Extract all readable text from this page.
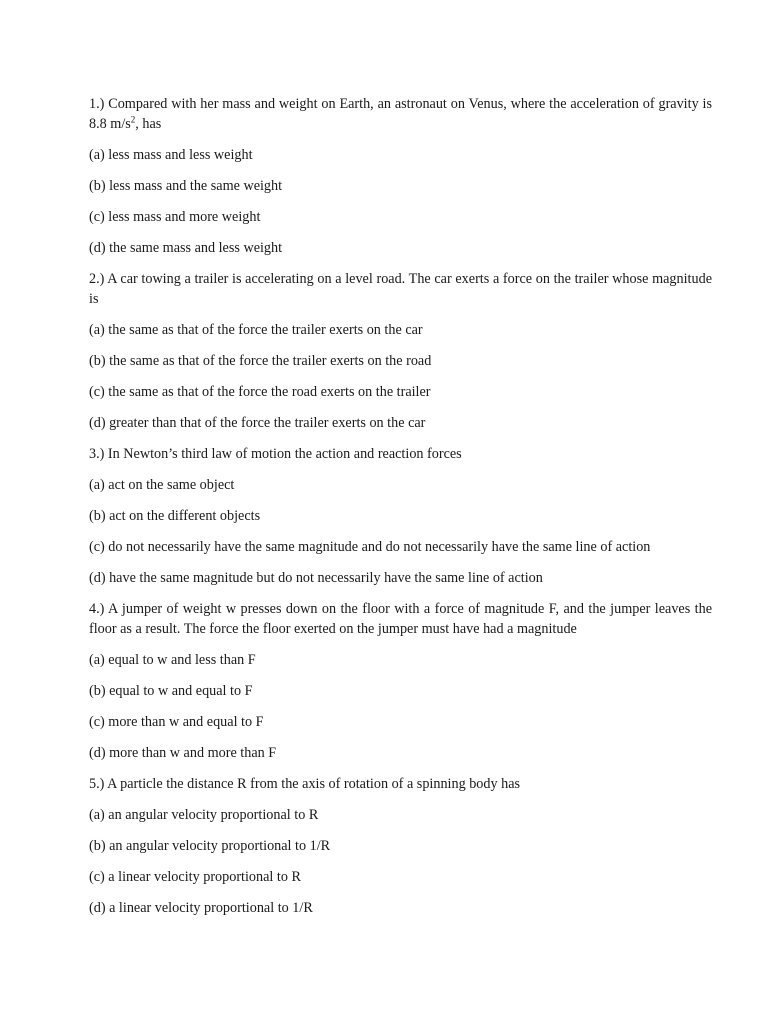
1.) Compared with her mass and weight on Earth, an astronaut on Venus, where the acceleration of gravity is 8.8 $m/s^2$, has
(a) less mass and less weight
(b) less mass and the same weight
(c) less mass and more weight
(d) the same mass and less weight
2.) A car towing a trailer is accelerating on a level road. The car exerts a force on the trailer whose magnitude is
(a) the same as that of the force the trailer exerts on the car
(b) the same as that of the force the trailer exerts on the road
(c) the same as that of the force the road exerts on the trailer
(d) greater than that of the force the trailer exerts on the car
3.) In Newton’s third law of motion the action and reaction forces
(a) act on the same object
(b) act on the different objects
(c) do not necessarily have the same magnitude and do not necessarily have the same line of action
(d) have the same magnitude but do not necessarily have the same line of action
4.) A jumper of weight w presses down on the floor with a force of magnitude F, and the jumper leaves the floor as a result. The force the floor exerted on the jumper must have had a magnitude
(a) equal to w and less than F
(b) equal to w and equal to F
(c) more than w and equal to F
(d) more than w and more than F
5.) A particle the distance R from the axis of rotation of a spinning body has
(a) an angular velocity proportional to R
(b) an angular velocity proportional to 1/R
(c) a linear velocity proportional to R
(d) a linear velocity proportional to 1/R
